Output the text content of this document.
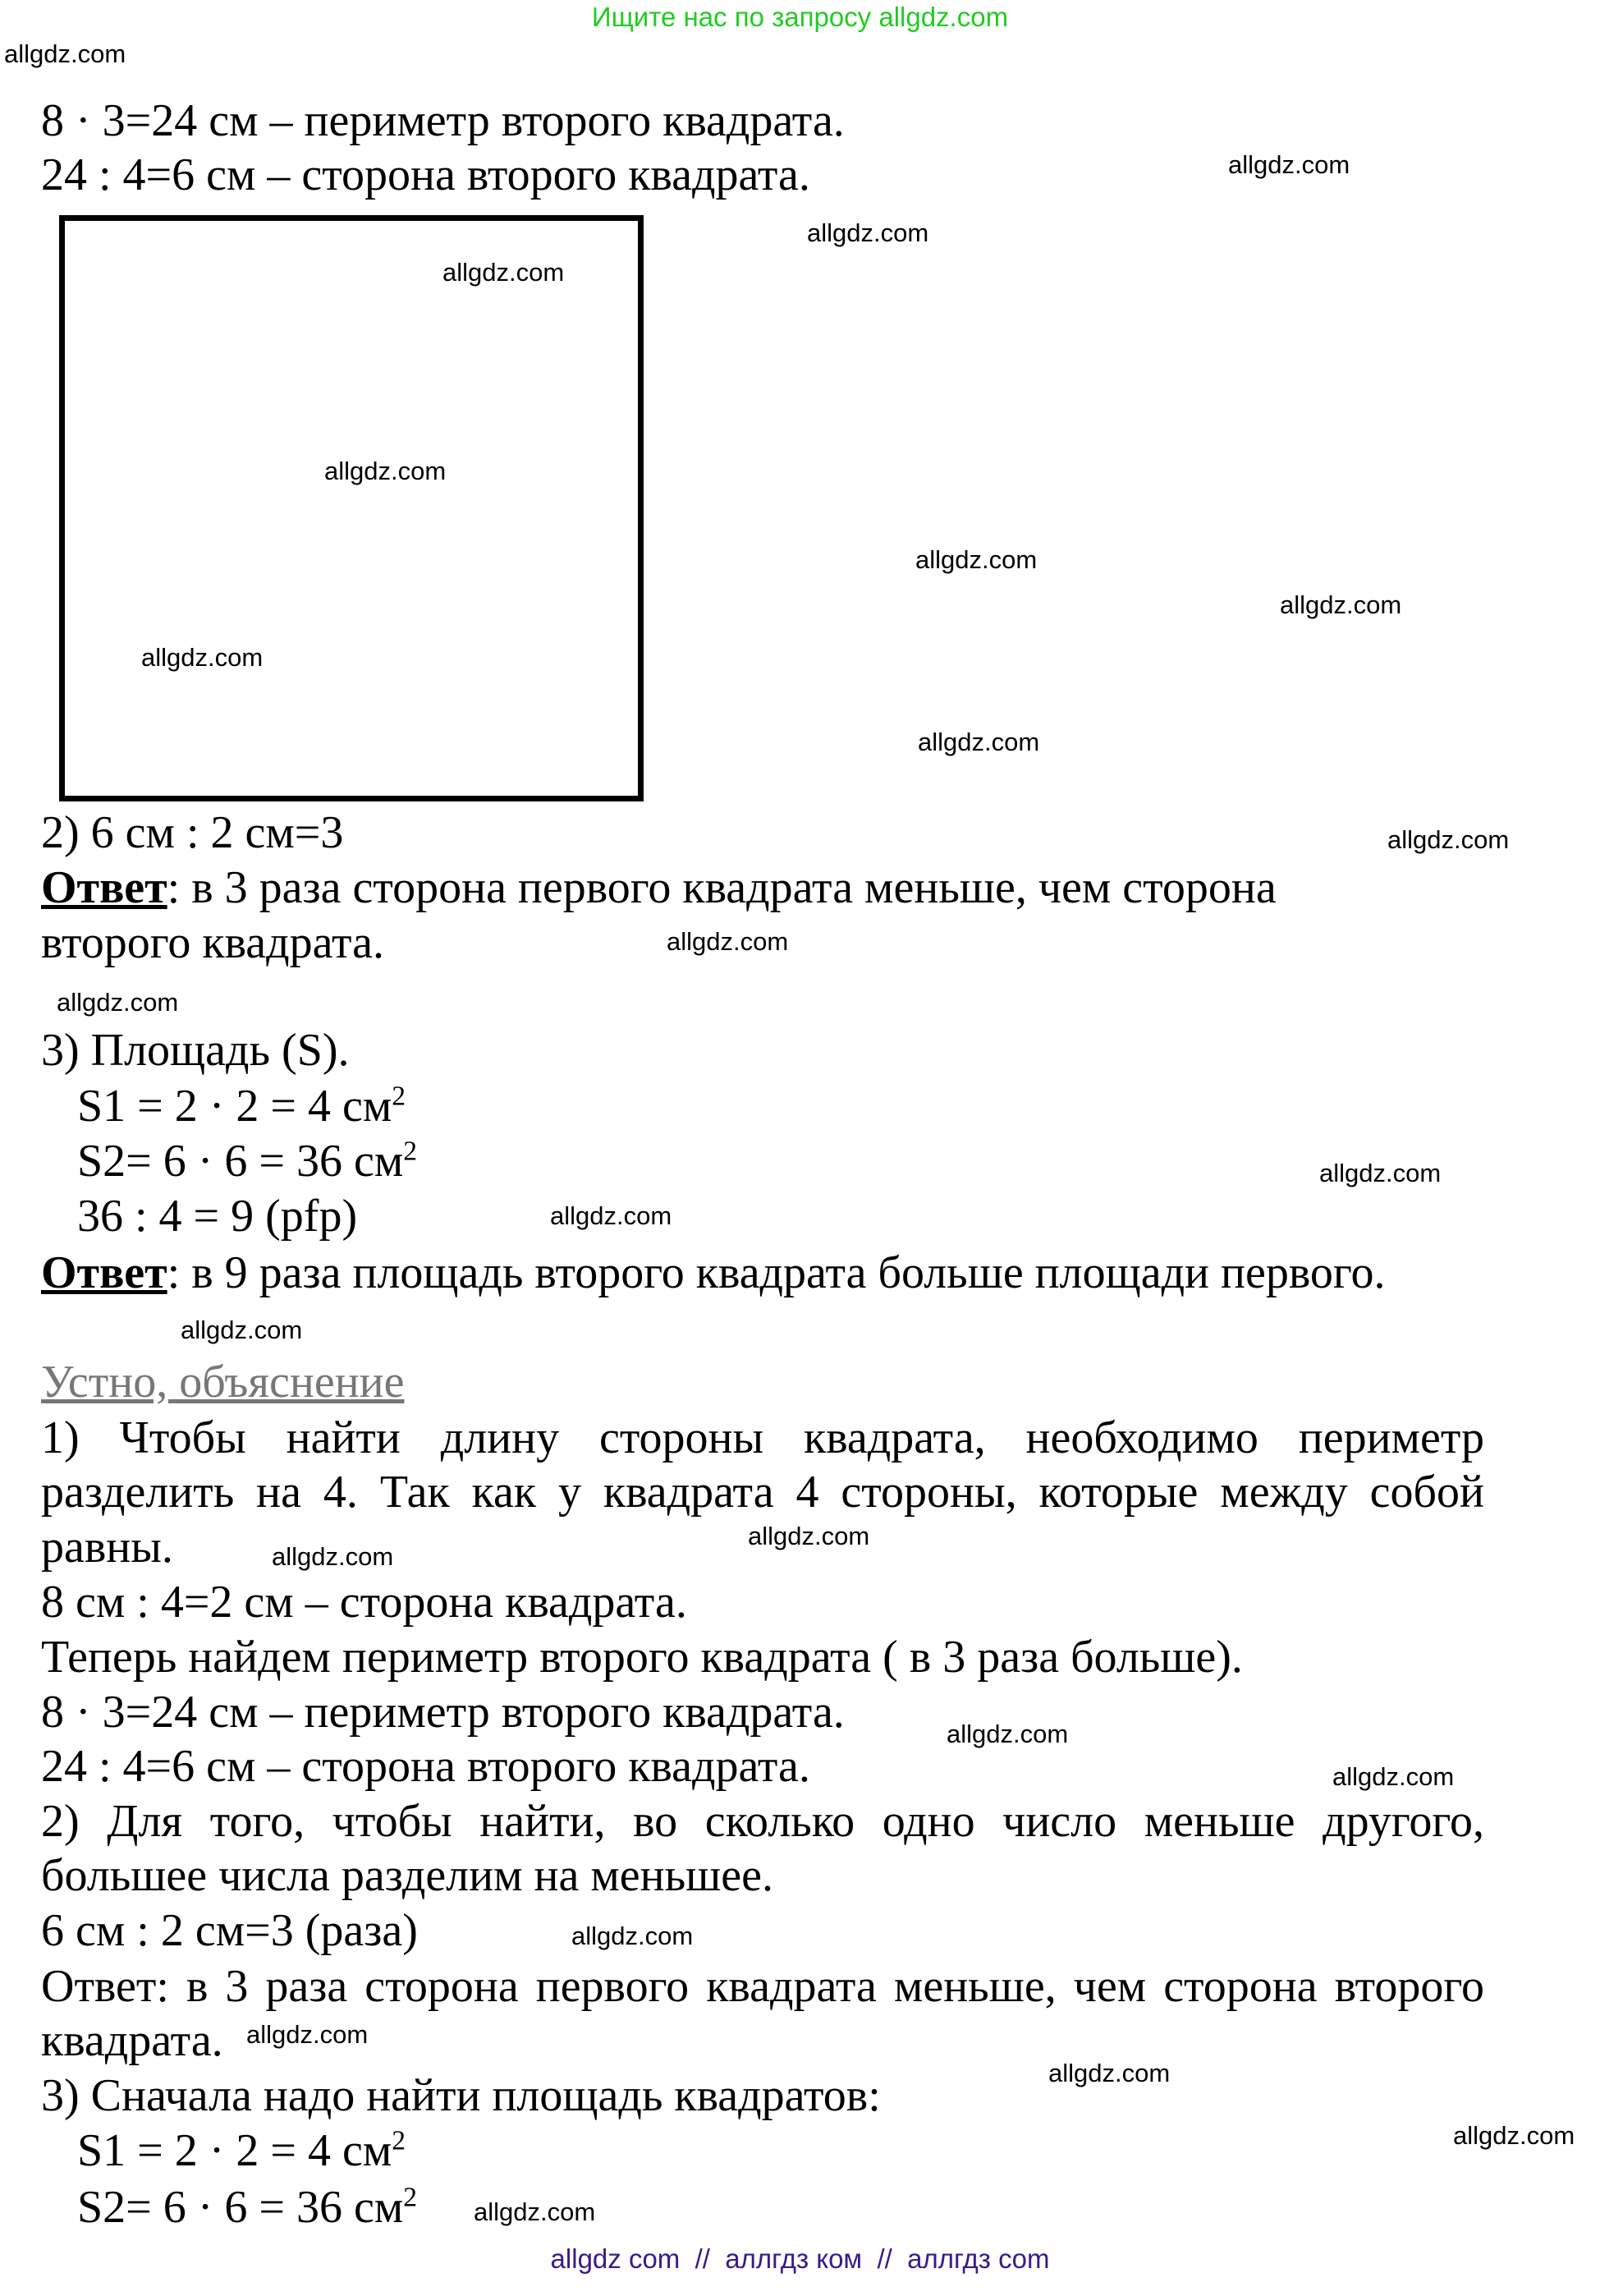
Ищите нас по запросу allgdz.com
8 · 3=24 см – периметр второго квадрата.
24 : 4=6 см – сторона второго квадрата.
2) 6 см : 2 см=3
Ответ: в 3 раза сторона первого квадрата меньше, чем сторона
второго квадрата.
3) Площадь (S).
S1 = 2 · 2 = 4 $см^2$
S2= 6 · 6 = 36 $см^2$
36 : 4 = 9 (pfp)
Ответ: в 9 раза площадь второго квадрата больше площади первого.
Устно, объяснение
1) Чтобы найти длину стороны квадрата, необходимо периметр разделить на 4. Так как у квадрата 4 стороны, которые между собой
равны.
8 см : 4=2 см – сторона квадрата.
Теперь найдем периметр второго квадрата ( в 3 раза больше).
8 · 3=24 см – периметр второго квадрата.
24 : 4=6 см – сторона второго квадрата.
2) Для того, чтобы найти, во сколько одно число меньше другого,
большее числа разделим на меньшее.
6 см : 2 см=3 (раза)
Ответ: в 3 раза сторона первого квадрата меньше, чем сторона второго
квадрата.
3) Сначала надо найти площадь квадратов:
S1 = 2 · 2 = 4 $см^2$
S2= 6 · 6 = 36 $см^2$
allgdz.com
allgdz.com
allgdz.com
allgdz.com
allgdz.com
allgdz.com
allgdz.com
allgdz.com
allgdz.com
allgdz.com
allgdz.com
allgdz.com
allgdz.com
allgdz.com
allgdz.com
allgdz.com
allgdz.com
allgdz.com
allgdz.com
allgdz.com
allgdz.com
allgdz.com
allgdz.com
allgdz.com
allgdz com  //  аллгдз ком  //  аллгдз com
